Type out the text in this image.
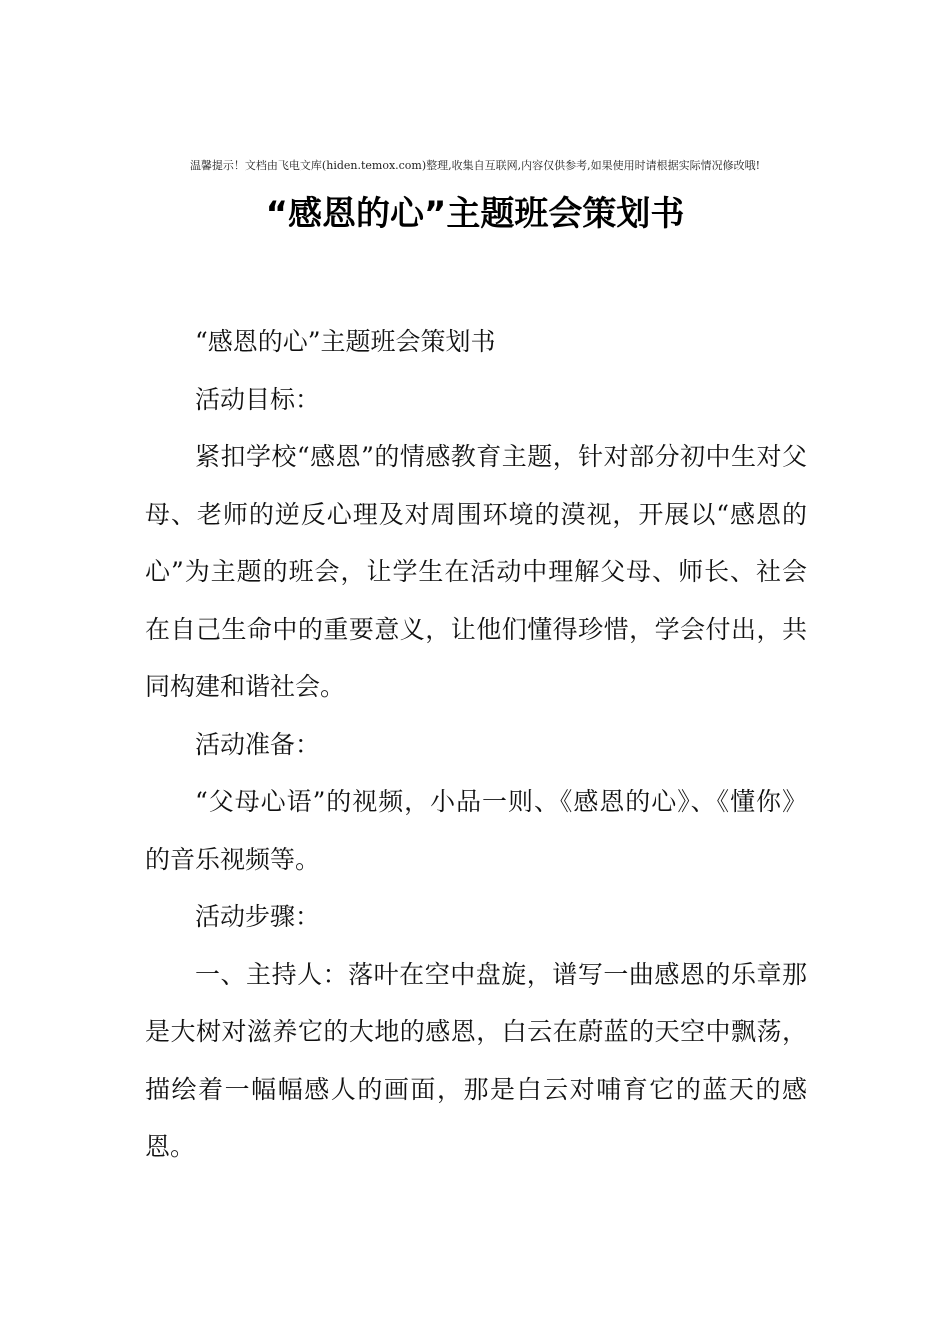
温馨提示！文档由飞电文库(hiden.temox.com)整理,收集自互联网,内容仅供参考,如果使用时请根据实际情况修改哦!
“感恩的心”主题班会策划书

“感恩的心”主题班会策划书

活动目标：

紧扣学校“感恩”的情感教育主题，针对部分初中生对父母、老师的逆反心理及对周围环境的漠视，开展以“感恩的心”为主题的班会，让学生在活动中理解父母、师长、社会在自己生命中的重要意义，让他们懂得珍惜，学会付出，共同构建和谐社会。

活动准备：

“父母心语”的视频，小品一则、《感恩的心》、《懂你》的音乐视频等。

活动步骤：

一、主持人：落叶在空中盘旋，谱写一曲感恩的乐章那是大树对滋养它的大地的感恩，白云在蔚蓝的天空中飘荡，描绘着一幅幅感人的画面，那是白云对哺育它的蓝天的感恩。
